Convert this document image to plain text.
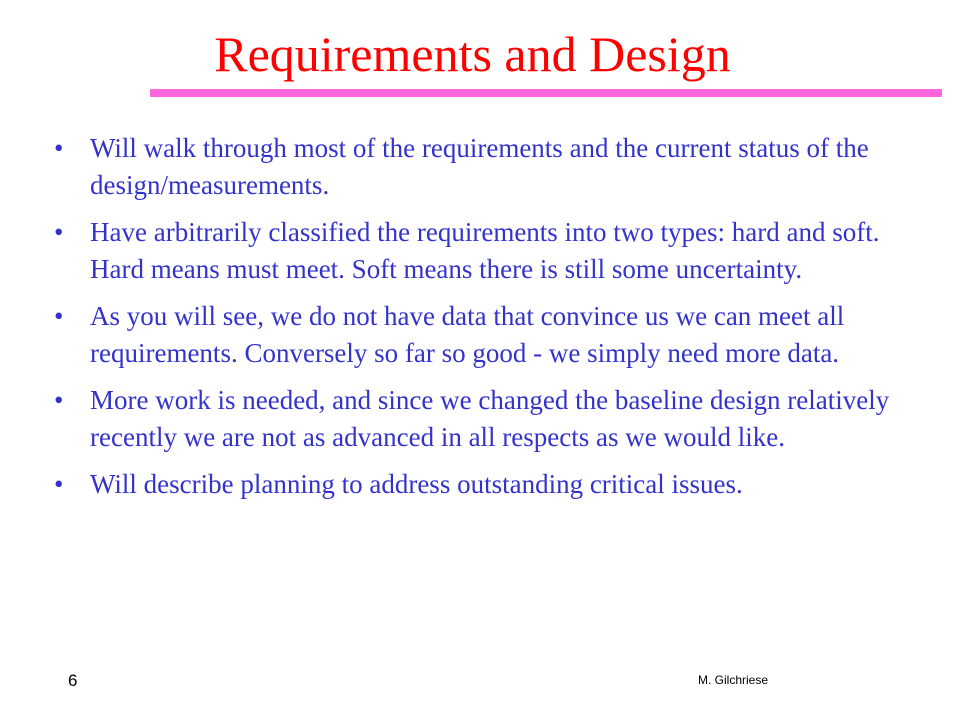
Requirements and Design
• Will walk through most of the requirements and the current status of the design/measurements.
• Have arbitrarily classified the requirements into two types: hard and soft. Hard means must meet. Soft means there is still some uncertainty.
• As you will see, we do not have data that convince us we can meet all requirements. Conversely so far so good - we simply need more data.
• More work is needed, and since we changed the baseline design relatively recently we are not as advanced in all respects as we would like.
• Will describe planning to address outstanding critical issues.
6	M. Gilchriese
